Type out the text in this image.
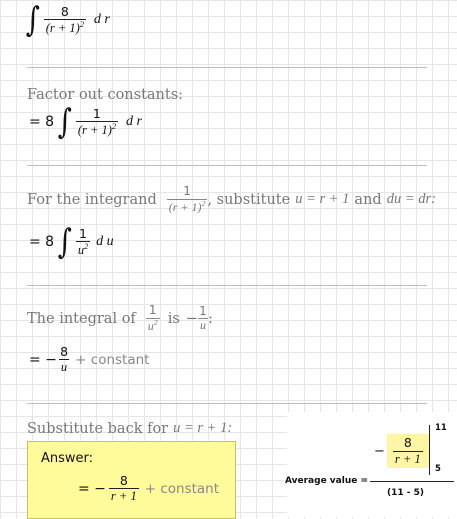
∫ $\frac{8}{(r + 1)^2}$ d r
Factor out constants:
= 8 ∫ $\frac{1}{(r + 1)^2}$ d r
For the integrand $\frac{1}{(r + 1)^2}$ , substitute u = r + 1 and du = dr:
= 8 ∫ $\frac{1}{u^2}$ d u
The integral of $\frac{1}{u^2}$ is − $\frac{1}{u}$ :
= − $\frac{8}{u}$ + constant
Substitute back for u = r + 1:
Answer:
= − $\frac{8}{r + 1}$ + constant	Average value =
− $\frac{8}{r + 1}$
11
5
(11 - 5)
